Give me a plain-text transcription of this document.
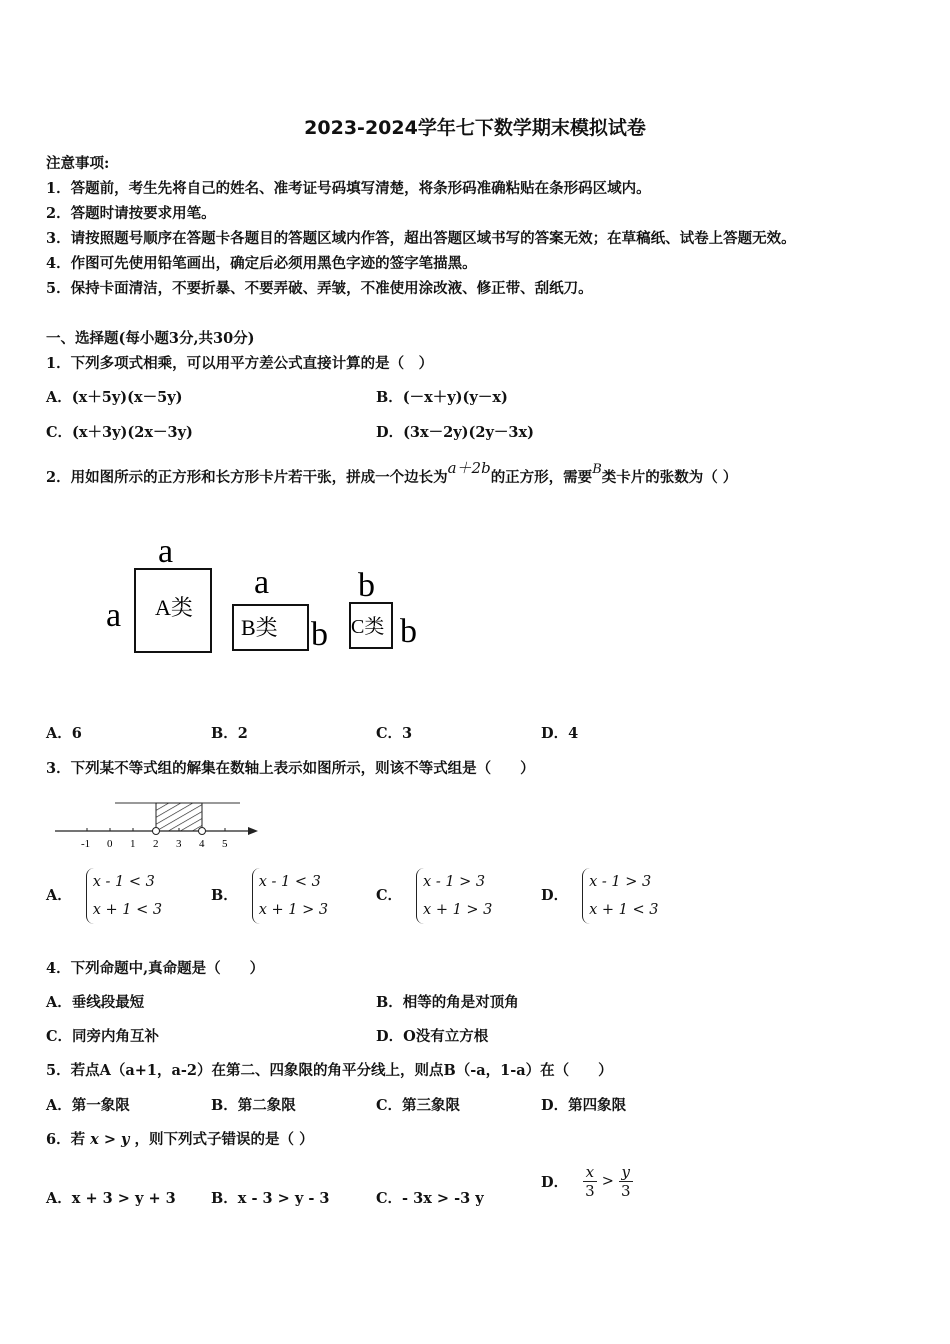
2023-2024学年七下数学期末模拟试卷
注意事项:
1．答题前，考生先将自己的姓名、准考证号码填写清楚，将条形码准确粘贴在条形码区域内。
2．答题时请按要求用笔。
3．请按照题号顺序在答题卡各题目的答题区域内作答，超出答题区域书写的答案无效；在草稿纸、试卷上答题无效。
4．作图可先使用铅笔画出，确定后必须用黑色字迹的签字笔描黑。
5．保持卡面清洁，不要折暴、不要弄破、弄皱，不准使用涂改液、修正带、刮纸刀。
一、选择题(每小题3分,共30分)
1．下列多项式相乘，可以用平方差公式直接计算的是（　）
A．(x＋5y)(x－5y)	B．(－x＋y)(y－x)
C．(x＋3y)(2x－3y)	D．(3x－2y)(2y－3x)
2．用如图所示的正方形和长方形卡片若干张，拼成一个边长为a＋2b的正方形，需要B类卡片的张数为（ ）
a
a A类
a
B类 b
b
C类 b
A．6	B．2	C．3	D．4
3．下列某不等式组的解集在数轴上表示如图所示，则该不等式组是（　　）
-1 0 1 2 3 4 5
A．
x - 1 < 3
x + 1 < 3
B．
x - 1 < 3
x + 1 > 3
C．
x - 1 > 3
x + 1 > 3
D．
x - 1 > 3
x + 1 < 3
4．下列命题中,真命题是（　　）
A．垂线段最短	B．相等的角是对顶角
C．同旁内角互补	D．O没有立方根
5．若点A（a+1，a-2）在第二、四象限的角平分线上，则点B（-a，1-a）在（　　）
A．第一象限	B．第二象限	C．第三象限	D．第四象限
6．若 x > y ，则下列式子错误的是（ ）
A．x + 3 > y + 3 B．x - 3 > y - 3	C．- 3x > -3 y
D． $\frac{x}{3} > \frac{y}{3}$
